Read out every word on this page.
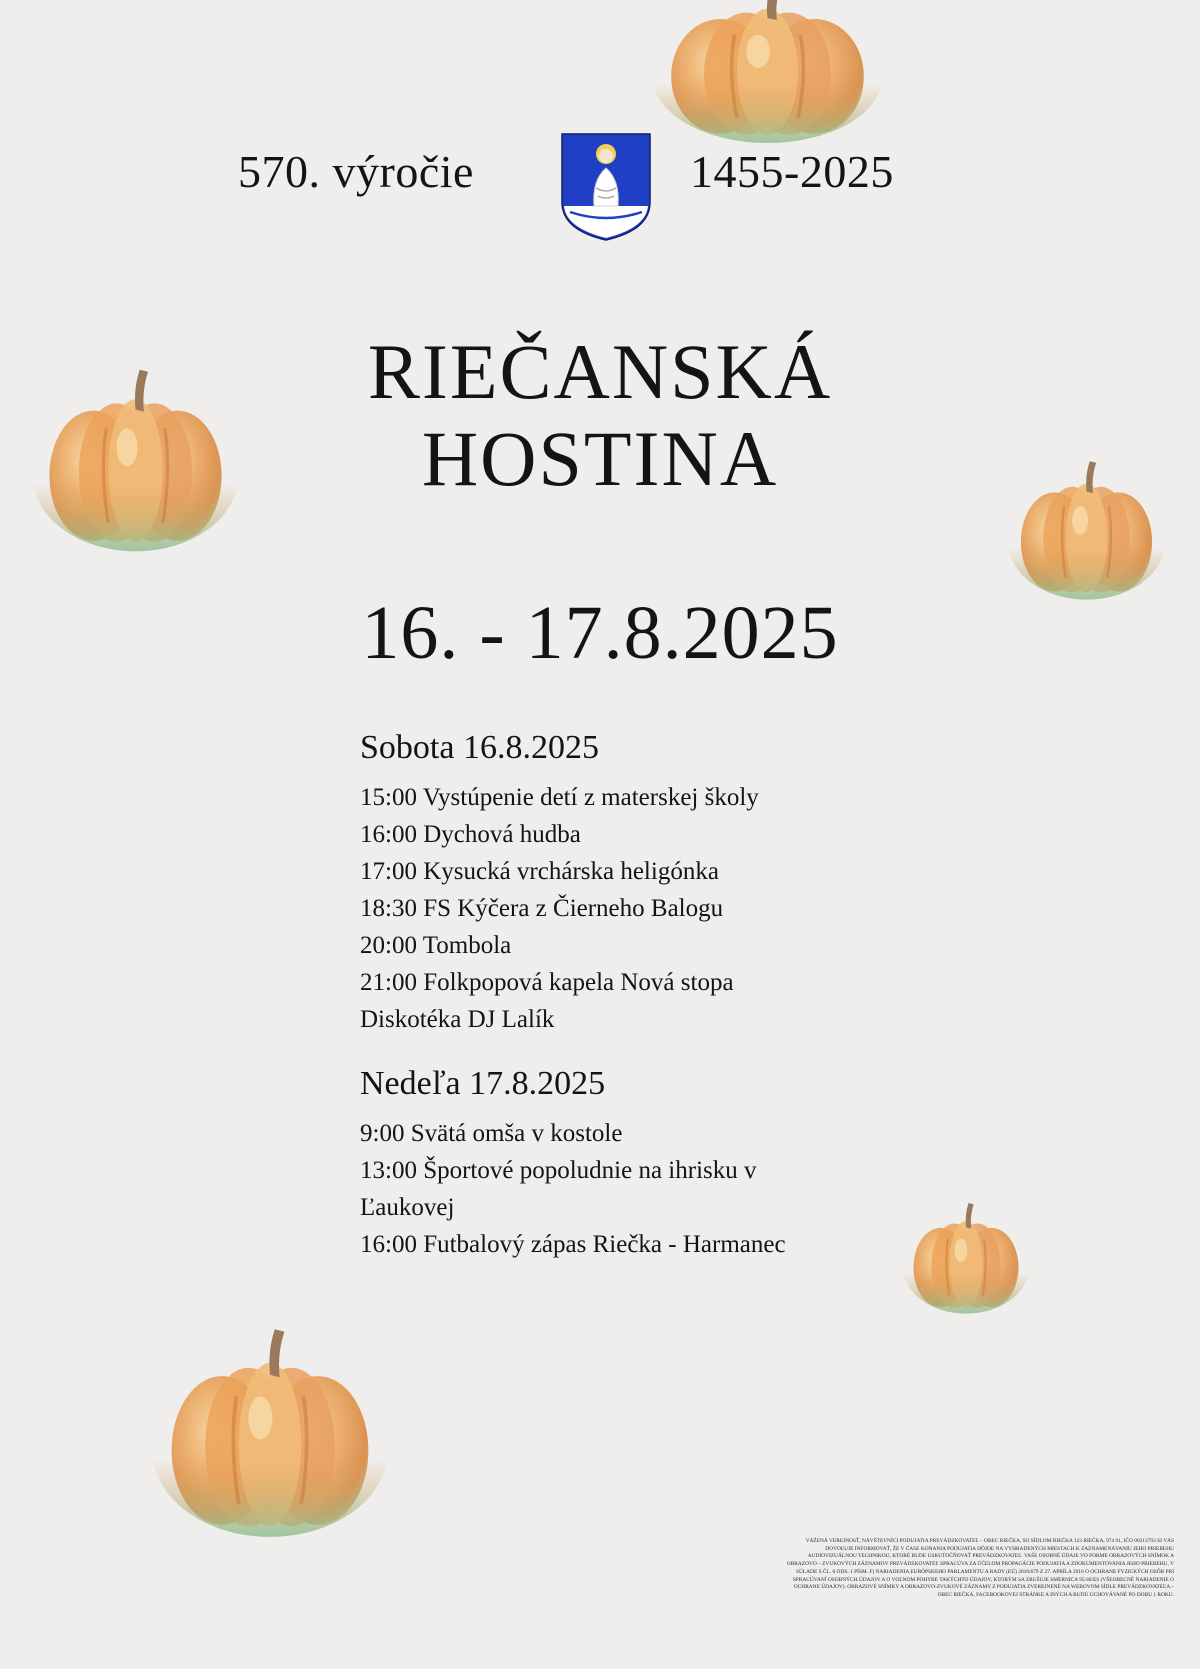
570. výročie	1455-2025
RIEČANSKÁ
HOSTINA
16. - 17.8.2025
Sobota 16.8.2025
15:00 Vystúpenie detí z materskej školy
16:00 Dychová hudba
17:00 Kysucká vrchárska heligónka
18:30 FS Kýčera z Čierneho Balogu
20:00 Tombola
21:00 Folkpopová kapela Nová stopa
Diskotéka DJ Lalík
Nedeľa 17.8.2025
9:00 Svätá omša v kostole
13:00 Športové popoludnie na ihrisku v Ľaukovej
16:00 Futbalový zápas Riečka - Harmanec
VÁŽENÁ VEREJNOSŤ, NÁVŠTEVNÍCI PODUJATIA PREVÁDZKOVATEĽ – OBEC RIEČKA, SO SÍDLOM RIEČKA 123 RIEČKA, 974 01, IČO 00313793 SI VÁS DOVOĽUJE INFORMOVAŤ, ŽE V ČASE KONANIA PODUJATIA DÔJDE NA VYHRADENÝCH MIESTACH K ZAZNAMENÁVANIU JEHO PRIEBEHU AUDIOVIZUÁLNOU TECHNIKOU, KTORÉ BUDE USKUTOČŇOVAŤ PREVÁDZKOVATEĽ. VAŠE OSOBNÉ ÚDAJE VO FORME OBRAZOVÝCH SNÍMOK A OBRAZOVO – ZVUKOVÝCH ZÁZNAMOV PREVÁDZKOVATEĽ SPRACÚVA ZA ÚČELOM PROPAGÁCIE PODUJATIA A ZDOKUMENTOVANIA JEHO PRIEBEHU, V SÚLADE S ČL. 6 ODS. 1 PÍSM. F) NARIADENIA EURÓPSKEHO PARLAMENTU A RADY (EÚ) 2016/679 Z 27. APRÍLA 2016 O OCHRANE FYZICKÝCH OSÔB PRI SPRACÚVANÍ OSOBNÝCH ÚDAJOV A O VOĽNOM POHYBE TAKÝCHTO ÚDAJOV, KTORÝM SA ZRUŠUJE SMERNICA 95/46/ES (VŠEOBECNÉ NARIADENIE O OCHRANE ÚDAJOV). OBRAZOVÉ SNÍMKY A OBRAZOVO-ZVUKOVÉ ZÁZNAMY Z PODUJATIA ZVEREJNENÉ NA WEBOVOM SÍDLE PREVÁDZKOVATEĽA – OBEC RIEČKA, FACEBOOKOVEJ STRÁNKE A INÝCH A BUDÚ UCHOVÁVANÉ PO DOBU 1 ROKU.
